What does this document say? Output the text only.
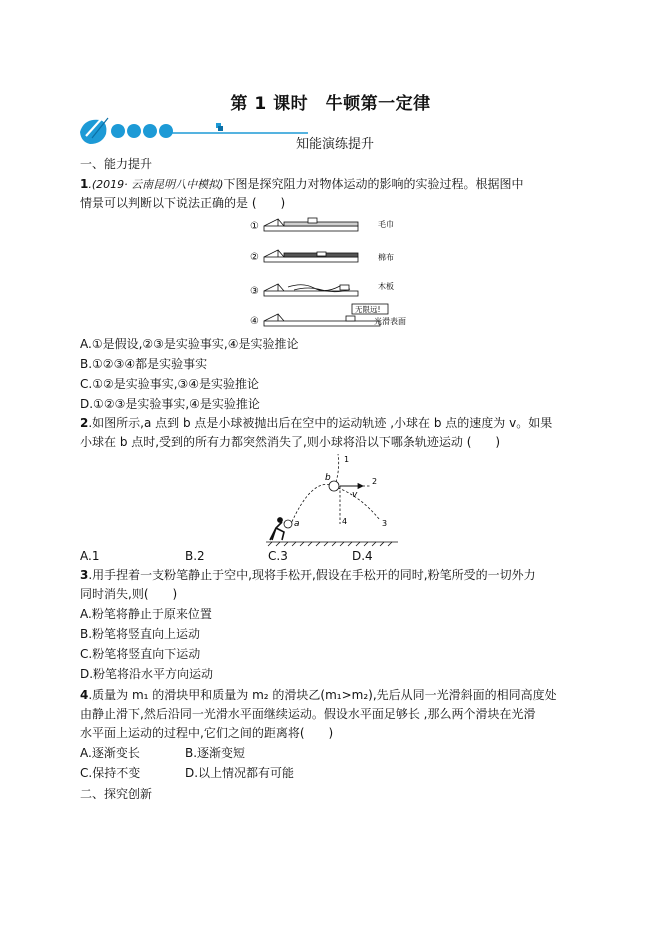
第 1 课时　牛顿第一定律
知能演练提升
一、能力提升
1.(2019· 云南昆明八中模拟)下图是探究阻力对物体运动的影响的实验过程。根据图中
情景可以判断以下说法正确的是 (　　)
①
②
③
④
毛巾
棉布
木板
无限远!
光滑表面
A.①是假设,②③是实验事实,④是实验推论
B.①②③④都是实验事实
C.①②是实验事实,③④是实验推论
D.①②③是实验事实,④是实验推论
2.如图所示,a 点到 b 点是小球被抛出后在空中的运动轨迹 ,小球在 b 点的速度为 v。如果
小球在 b 点时,受到的所有力都突然消失了,则小球将沿以下哪条轨迹运动 (　　)
b
v
a
1
2
3
4
A.1	B.2	C.3	D.4
3.用手捏着一支粉笔静止于空中,现将手松开,假设在手松开的同时,粉笔所受的一切外力
同时消失,则(　　)
A.粉笔将静止于原来位置
B.粉笔将竖直向上运动
C.粉笔将竖直向下运动
D.粉笔将沿水平方向运动
4.质量为 m₁ 的滑块甲和质量为 m₂ 的滑块乙(m₁>m₂),先后从同一光滑斜面的相同高度处
由静止滑下,然后沿同一光滑水平面继续运动。假设水平面足够长 ,那么两个滑块在光滑
水平面上运动的过程中,它们之间的距离将(　　)
A.逐渐变长	B.逐渐变短
C.保持不变	D.以上情况都有可能
二、探究创新
